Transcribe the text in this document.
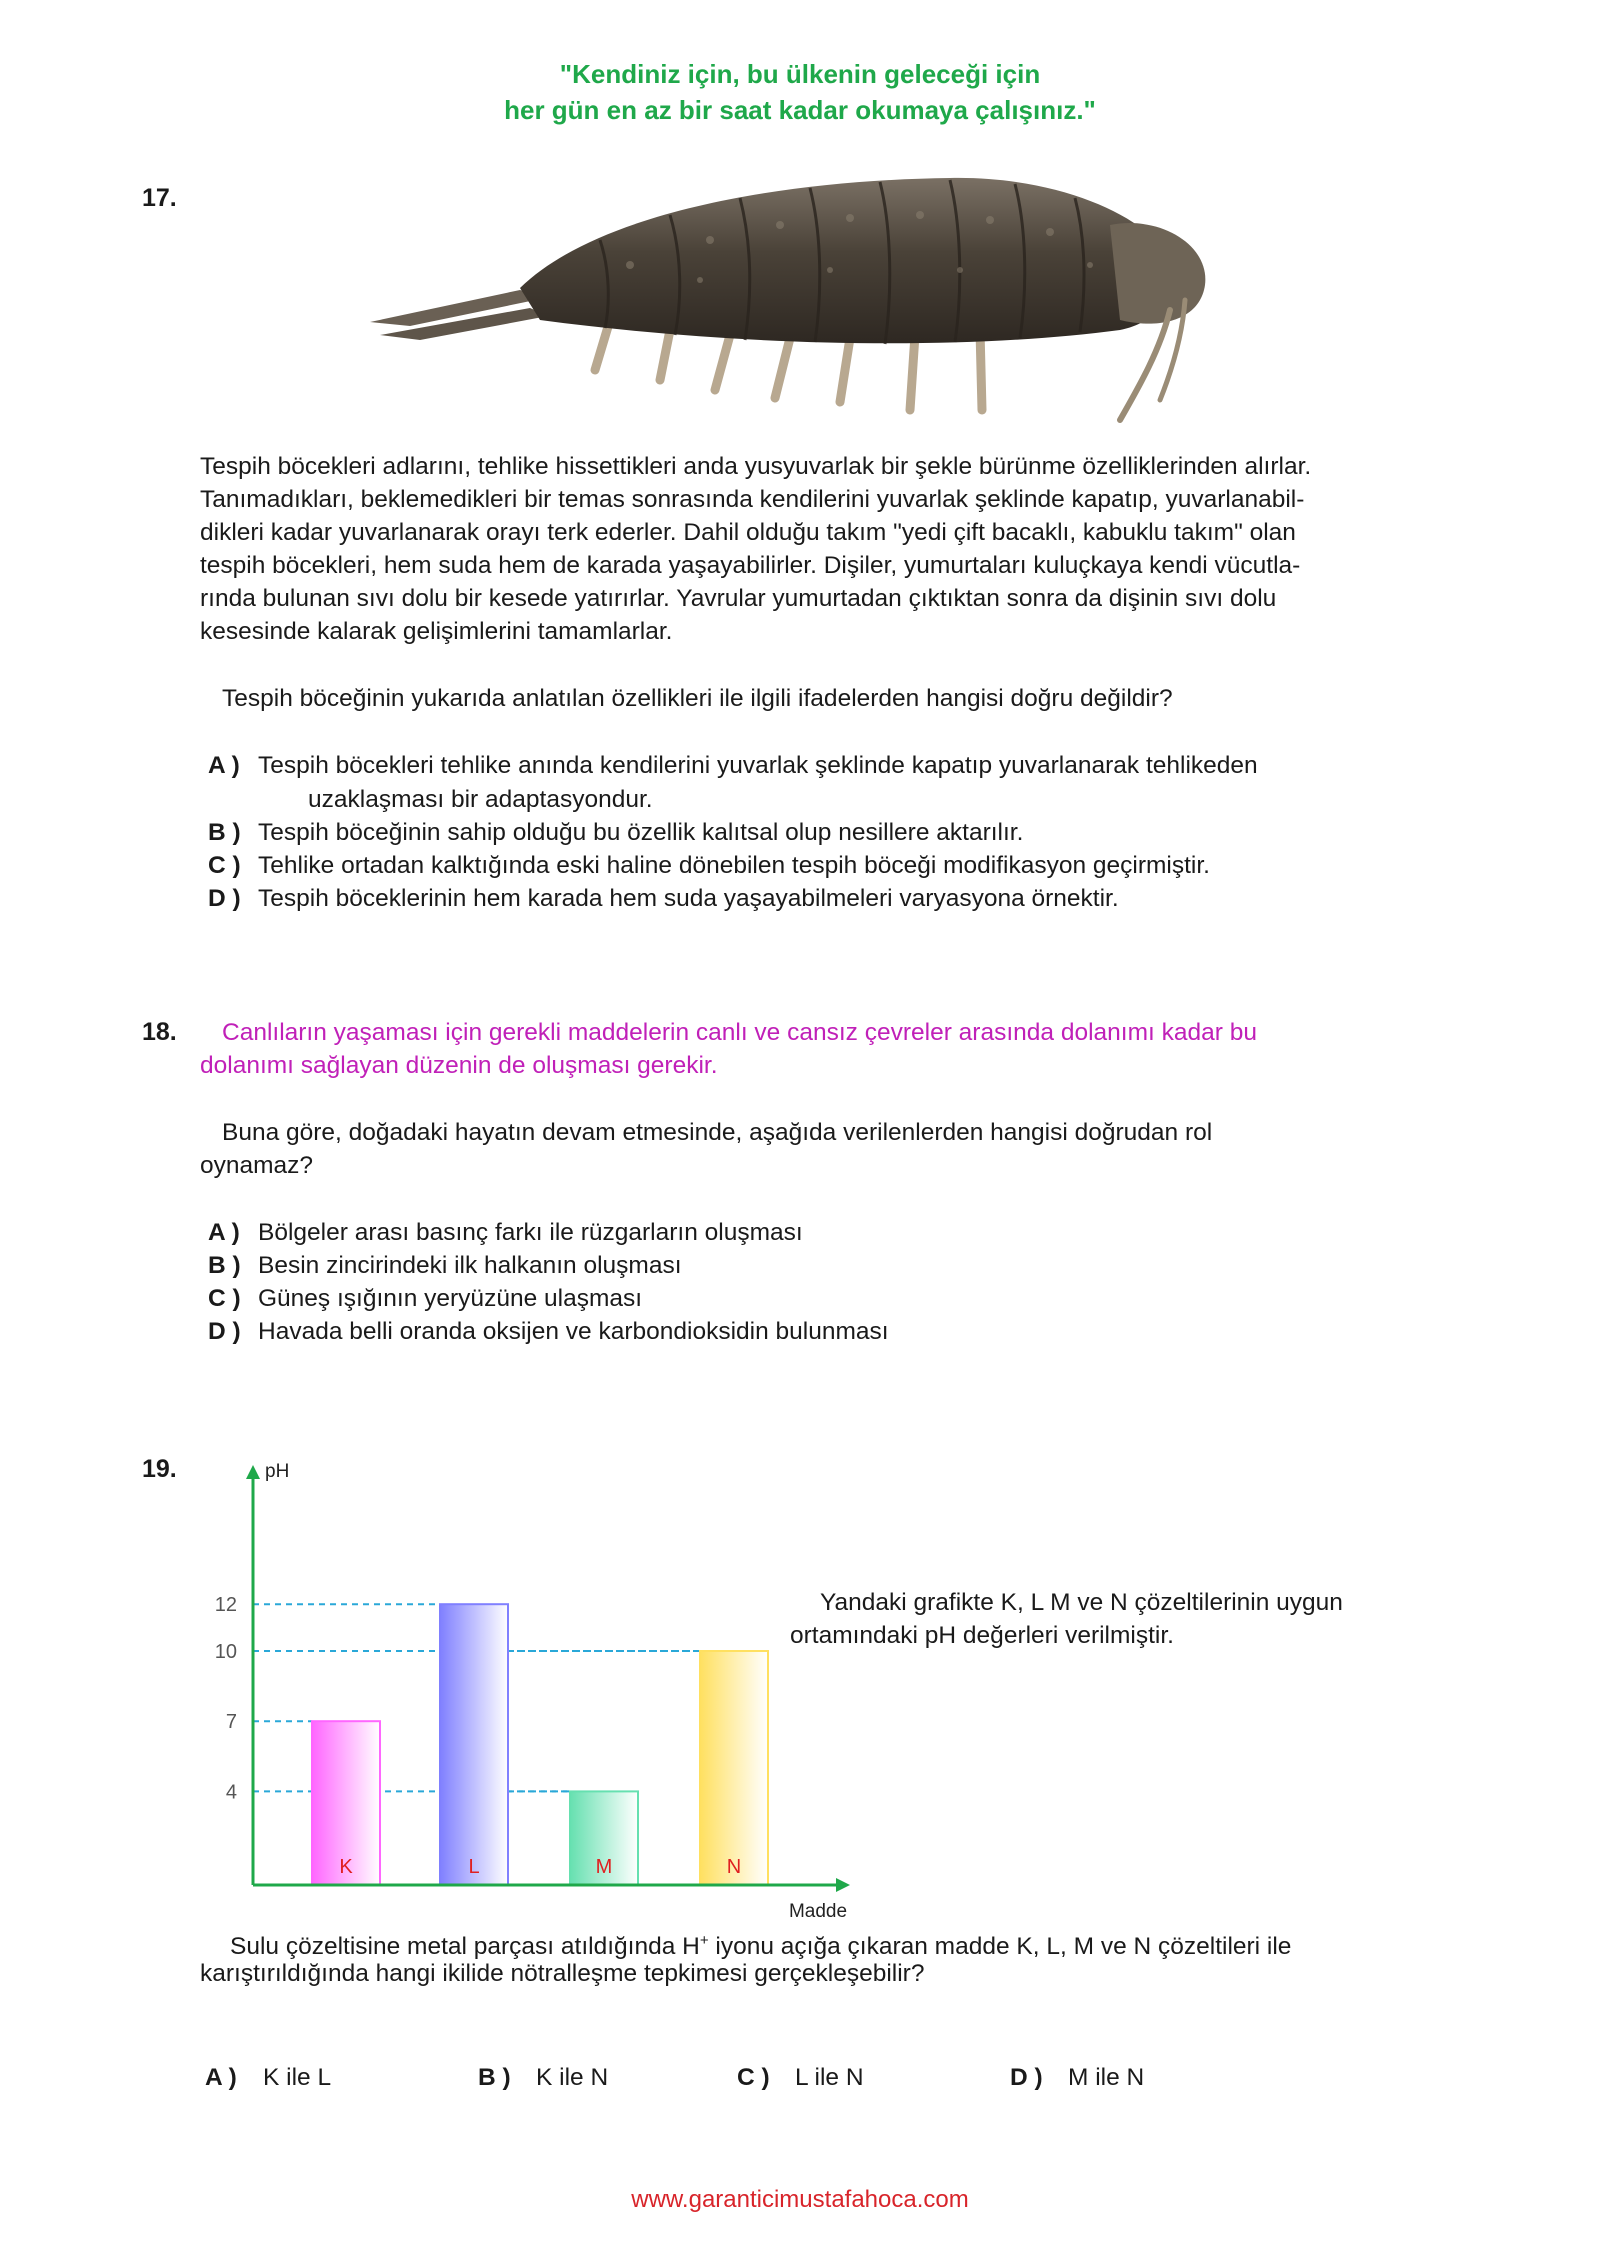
"Kendiniz için, bu ülkenin geleceği için
her gün en az bir saat kadar okumaya çalışınız."
17.
Tespih böcekleri adlarını, tehlike hissettikleri anda yusyuvarlak bir şekle bürünme özelliklerinden alırlar.
Tanımadıkları, beklemedikleri bir temas sonrasında kendilerini yuvarlak şeklinde kapatıp, yuvarlanabil-
dikleri kadar yuvarlanarak orayı terk ederler. Dahil olduğu takım "yedi çift bacaklı, kabuklu takım" olan
tespih böcekleri, hem suda hem de karada yaşayabilirler. Dişiler, yumurtaları kuluçkaya kendi vücutla-
rında bulunan sıvı dolu bir kesede yatırırlar. Yavrular yumurtadan çıktıktan sonra da dişinin sıvı dolu
kesesinde kalarak gelişimlerini tamamlarlar.
Tespih böceğinin yukarıda anlatılan özellikleri ile ilgili ifadelerden hangisi doğru değildir?
A ) Tespih böcekleri tehlike anında kendilerini yuvarlak şeklinde kapatıp yuvarlanarak tehlikeden
uzaklaşması bir adaptasyondur.
B ) Tespih böceğinin sahip olduğu bu özellik kalıtsal olup nesillere aktarılır.
C ) Tehlike ortadan kalktığında eski haline dönebilen tespih böceği modifikasyon geçirmiştir.
D ) Tespih böceklerinin hem karada hem suda yaşayabilmeleri varyasyona örnektir.
18. Canlıların yaşaması için gerekli maddelerin canlı ve cansız çevreler arasında dolanımı kadar bu
dolanımı sağlayan düzenin de oluşması gerekir.
Buna göre, doğadaki hayatın devam etmesinde, aşağıda verilenlerden hangisi doğrudan rol
oynamaz?
A ) Bölgeler arası basınç farkı ile rüzgarların oluşması
B ) Besin zincirindeki ilk halkanın oluşması
C ) Güneş ışığının yeryüzüne ulaşması
D ) Havada belli oranda oksijen ve karbondioksidin bulunması
19.
K	L	M	N
4
7
10
12
pH
Madde
Yandaki grafikte K, L M ve N çözeltilerinin uygun
ortamındaki pH değerleri verilmiştir.
Sulu çözeltisine metal parçası atıldığında H+ iyonu açığa çıkaran madde K, L, M ve N çözeltileri ile
karıştırıldığında hangi ikilide nötralleşme tepkimesi gerçekleşebilir?
A ) K ile L	B ) K ile N	C ) L ile N	D ) M ile N
www.garanticimustafahoca.com
